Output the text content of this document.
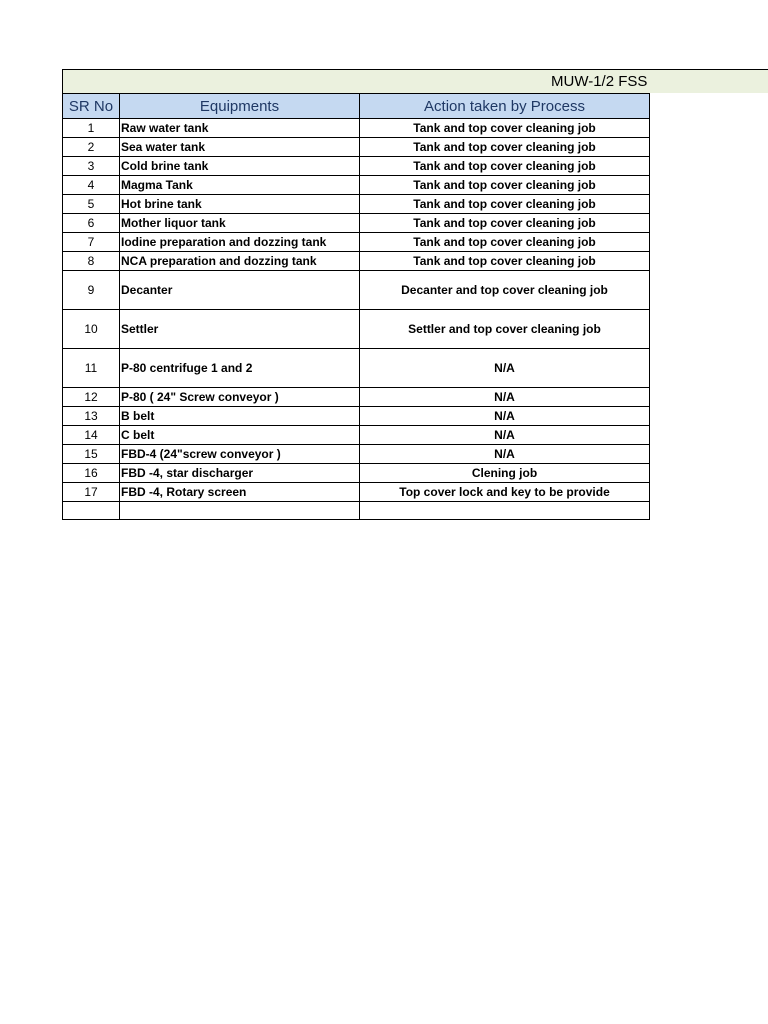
MUW-1/2 FSS
SR No	Equipments	Action taken by Process
1	Raw water tank	Tank and top cover cleaning job
2	Sea water tank	Tank and top cover cleaning job
3	Cold brine tank	Tank and top cover cleaning job
4	Magma Tank	Tank and top cover cleaning job
5	Hot brine tank	Tank and top cover cleaning job
6	Mother liquor tank	Tank and top cover cleaning job
7	Iodine preparation and dozzing tank	Tank and top cover cleaning job
8	NCA preparation and dozzing tank	Tank and top cover cleaning job
9	Decanter	Decanter and top cover cleaning job
10	Settler	Settler and top cover cleaning job
11	P-80 centrifuge 1 and 2	N/A
12	P-80 ( 24" Screw conveyor )	N/A
13	B belt	N/A
14	C belt	N/A
15	FBD-4 (24"screw conveyor )	N/A
16	FBD -4, star discharger	Clening job
17	FBD -4, Rotary screen	Top cover lock and key to be provide
